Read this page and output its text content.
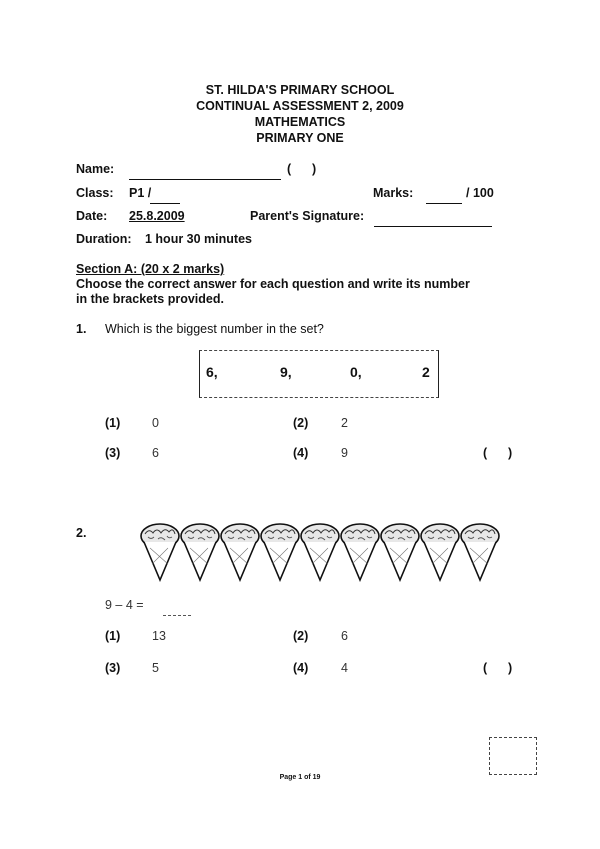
ST. HILDA'S PRIMARY SCHOOL
CONTINUAL ASSESSMENT 2, 2009
MATHEMATICS
PRIMARY ONE
Name:	(      )
Class: P1 /	Marks:	/ 100
Date: 25.8.2009	Parent's Signature:
Duration: 1 hour 30 minutes
Section A: (20 x 2 marks)
Choose the correct answer for each question and write its number
in the brackets provided.
1. Which is the biggest number in the set?
6,	9,	0,	2
(1)	0	(2)	2
(3)	6	(4)	9	(      )
2.
9 – 4 =
(1)	13	(2)	6
(3)	5	(4)	4	(      )
Page 1 of 19
